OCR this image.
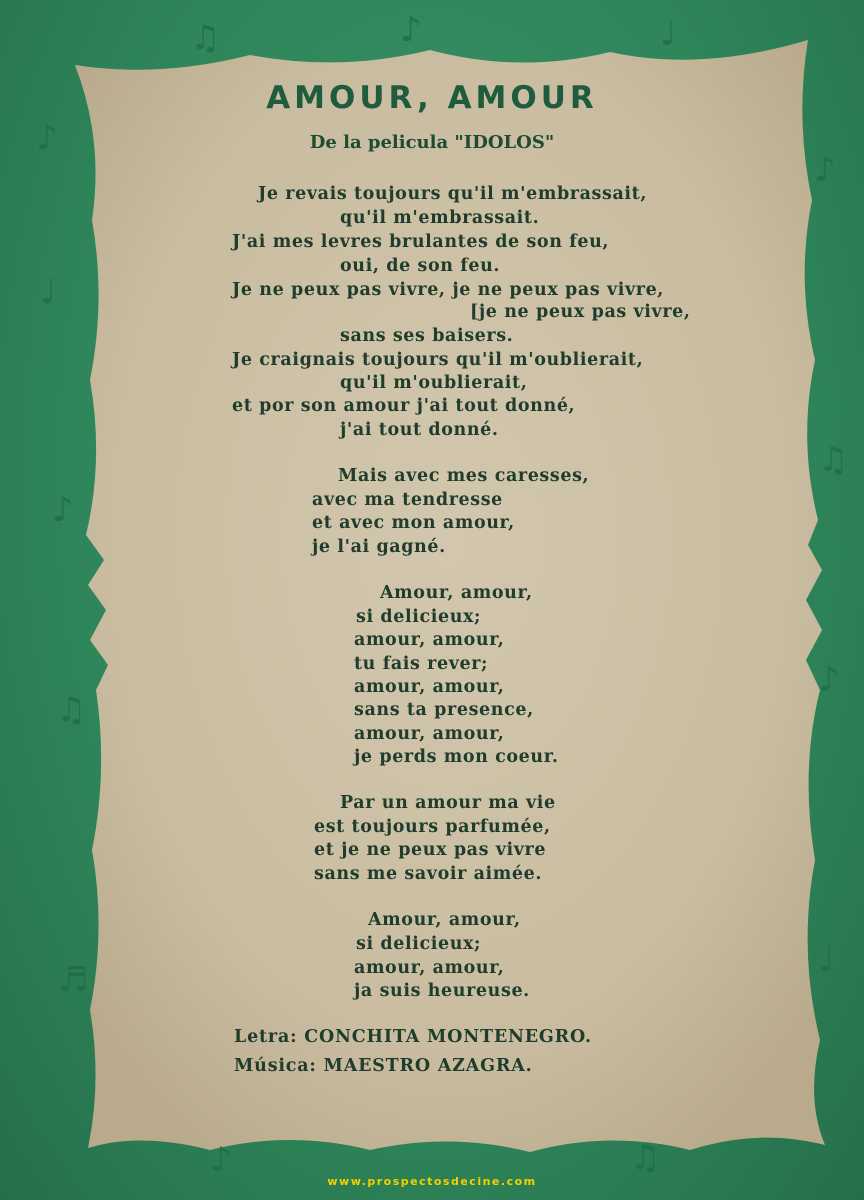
♪
♩
♪
♫
♬
♫	♪	♩
♪
♫
♪
♩
♪	♫
AMOUR, AMOUR
De la pelicula "IDOLOS"
Je revais toujours qu'il m'embrassait,
qu'il m'embrassait.
J'ai mes levres brulantes de son feu,
oui, de son feu.
Je ne peux pas vivre, je ne peux pas vivre,
[je ne peux pas vivre,
sans ses baisers.
Je craignais toujours qu'il m'oublierait,
qu'il m'oublierait,
et por son amour j'ai tout donné,
j'ai tout donné.
Mais avec mes caresses,
avec ma tendresse
et avec mon amour,
je l'ai gagné.
Amour, amour,
si delicieux;
amour, amour,
tu fais rever;
amour, amour,
sans ta presence,
amour, amour,
je perds mon coeur.
Par un amour ma vie
est toujours parfumée,
et je ne peux pas vivre
sans me savoir aimée.
Amour, amour,
si delicieux;
amour, amour,
ja suis heureuse.
Letra: CONCHITA MONTENEGRO.
Música: MAESTRO AZAGRA.
www.prospectosdecine.com
